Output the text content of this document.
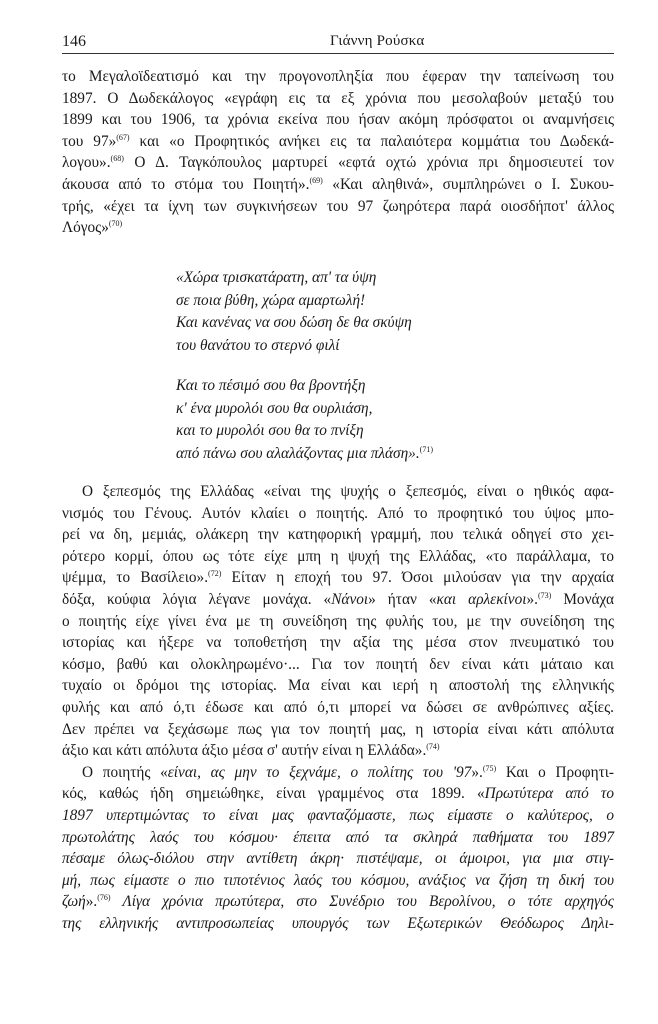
146	Γιάννη Ρούσκα
το Μεγαλοϊδεατισμό και την προγονοπληξία που έφεραν την ταπείνωση του
1897. Ο Δωδεκάλογος «εγράφη εις τα εξ χρόνια που μεσολαβούν μεταξύ του
1899 και του 1906, τα χρόνια εκείνα που ήσαν ακόμη πρόσφατοι οι αναμνήσεις
του 97»$^{(67)}$ και «ο Προφητικός ανήκει εις τα παλαιότερα κομμάτια του Δωδεκά-
λογου».$^{(68)}$ Ο Δ. Ταγκόπουλος μαρτυρεί «εφτά οχτώ χρόνια πρι δημοσιευτεί τον
άκουσα από το στόμα του Ποιητή».$^{(69)}$ «Και αληθινά», συμπληρώνει ο Ι. Συκου-
τρής, «έχει τα ίχνη των συγκινήσεων του 97 ζωηρότερα παρά οιοσδήποτ' άλλος
Λόγος»$^{(70)}$
«Χώρα τρισκατάρατη, απ' τα ύψη
σε ποια βύθη, χώρα αμαρτωλή!
Και κανένας να σου δώση δε θα σκύψη
του θανάτου το στερνό φιλί
Και το πέσιμό σου θα βροντήξη
κ' ένα μυρολόι σου θα ουρλιάση,
και το μυρολόι σου θα το πνίξη
από πάνω σου αλαλάζοντας μια πλάση».$^{(71)}$
Ο ξεπεσμός της Ελλάδας «είναι της ψυχής ο ξεπεσμός, είναι ο ηθικός αφα-
νισμός του Γένους. Αυτόν κλαίει ο ποιητής. Από το προφητικό του ύψος μπο-
ρεί να δη, μεμιάς, ολάκερη την κατηφορική γραμμή, που τελικά οδηγεί στο χει-
ρότερο κορμί, όπου ως τότε είχε μπη η ψυχή της Ελλάδας, «το παράλλαμα, το
ψέμμα, το Βασίλειο».$^{(72)}$ Είταν η εποχή του 97. Όσοι μιλούσαν για την αρχαία
δόξα, κούφια λόγια λέγανε μονάχα. «Νάνοι» ήταν «και αρλεκίνοι».$^{(73)}$ Μονάχα
ο ποιητής είχε γίνει ένα με τη συνείδηση της φυλής του, με την συνείδηση της
ιστορίας και ήξερε να τοποθετήση την αξία της μέσα στον πνευματικό του
κόσμο, βαθύ και ολοκληρωμένο·... Για τον ποιητή δεν είναι κάτι μάταιο και
τυχαίο οι δρόμοι της ιστορίας. Μα είναι και ιερή η αποστολή της ελληνικής
φυλής και από ό,τι έδωσε και από ό,τι μπορεί να δώσει σε ανθρώπινες αξίες.
Δεν πρέπει να ξεχάσωμε πως για τον ποιητή μας, η ιστορία είναι κάτι απόλυτα
άξιο και κάτι απόλυτα άξιο μέσα σ' αυτήν είναι η Ελλάδα».$^{(74)}$
Ο ποιητής «είναι, ας μην το ξεχνάμε, ο πολίτης του '97».$^{(75)}$ Και ο Προφητι-
κός, καθώς ήδη σημειώθηκε, είναι γραμμένος στα 1899. «Πρωτύτερα από το
1897 υπερτιμώντας το είναι μας φανταζόμαστε, πως είμαστε ο καλύτερος, ο
πρωτολάτης λαός του κόσμου· έπειτα από τα σκληρά παθήματα του 1897
πέσαμε όλως-διόλου στην αντίθετη άκρη· πιστέψαμε, οι άμοιροι, για μια στιγ-
μή, πως είμαστε ο πιο τιποτένιος λαός του κόσμου, ανάξιος να ζήση τη δική του
ζωή».$^{(76)}$ Λίγα χρόνια πρωτύτερα, στο Συνέδριο του Βερολίνου, ο τότε αρχηγός
της ελληνικής αντιπροσωπείας υπουργός των Εξωτερικών Θεόδωρος Δηλι-
